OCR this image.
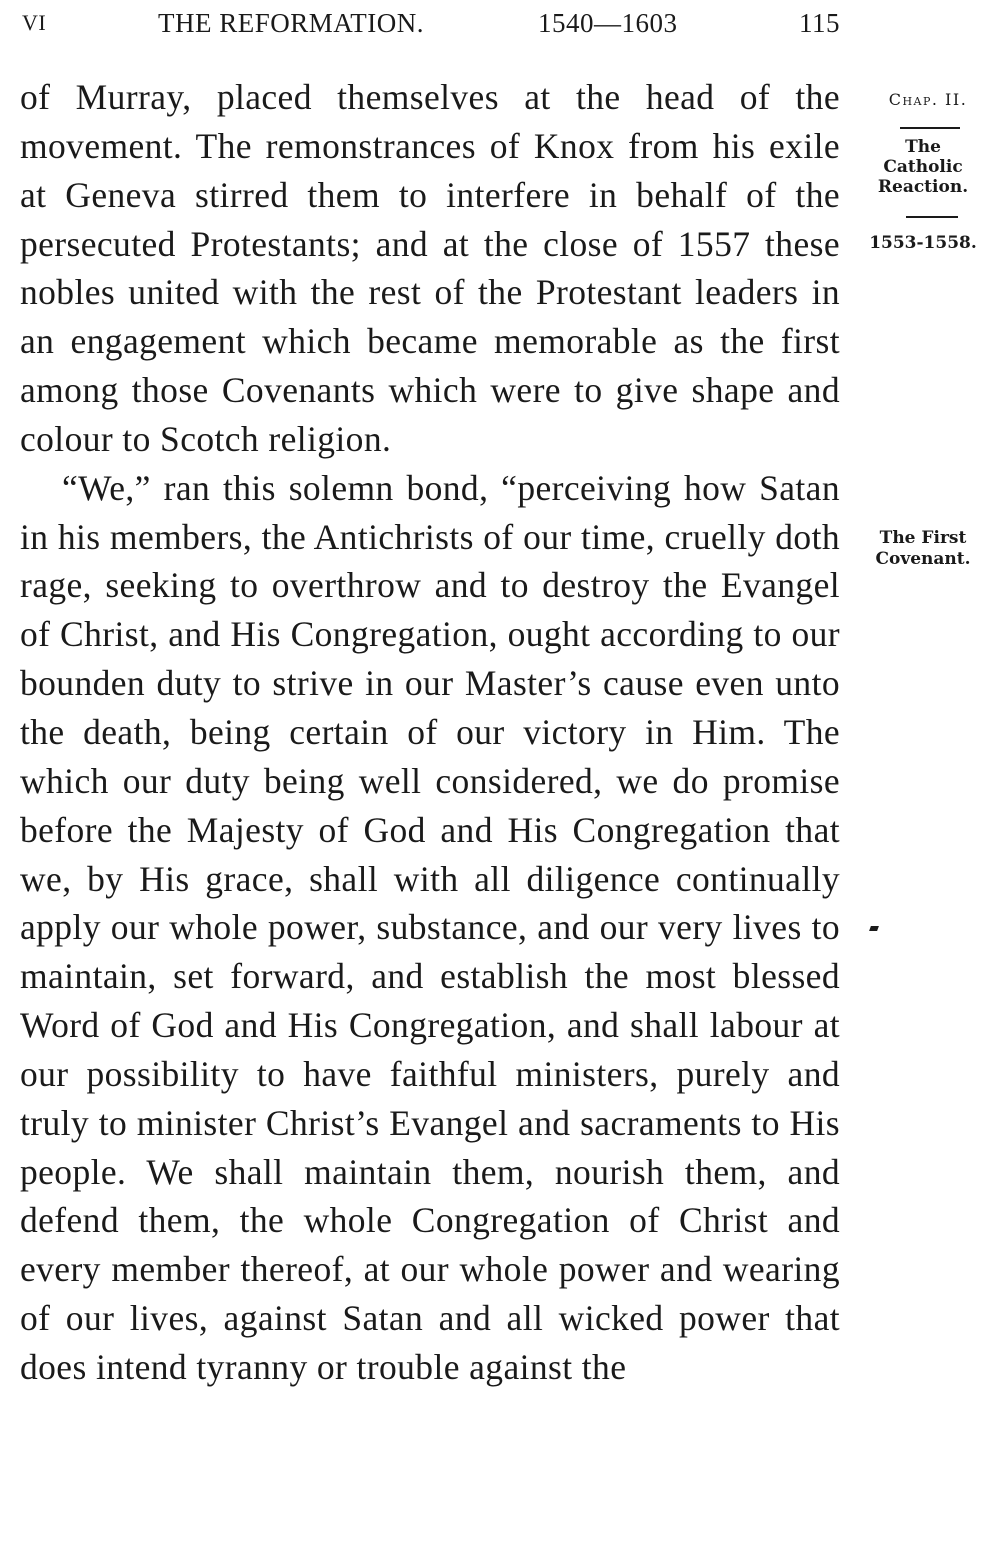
VI	THE REFORMATION.	1540—1603	115

of Murray, placed themselves at the head of the movement. The remonstrances of Knox from his exile at Geneva stirred them to interfere in behalf of the persecuted Protestants; and at the close of 1557 these nobles united with the rest of the Protestant leaders in an engagement which became memorable as the first among those Covenants which were to give shape and colour to Scotch religion.

“We,” ran this solemn bond, “perceiving how Satan in his members, the Antichrists of our time, cruelly doth rage, seeking to overthrow and to destroy the Evangel of Christ, and His Congregation, ought according to our bounden duty to strive in our Master’s cause even unto the death, being certain of our victory in Him. The which our duty being well considered, we do promise before the Majesty of God and His Congregation that we, by His grace, shall with all diligence continually apply our whole power, substance, and our very lives to maintain, set forward, and establish the most blessed Word of God and His Congregation, and shall labour at our possibility to have faithful ministers, purely and truly to minister Christ’s Evangel and sacraments to His people. We shall maintain them, nourish them, and defend them, the whole Congregation of Christ and every member thereof, at our whole power and wearing of our lives, against Satan and all wicked power that does intend tyranny or trouble against the

Chap. II.
The
Catholic
Reaction.
1553-1558.
The First
Covenant.
